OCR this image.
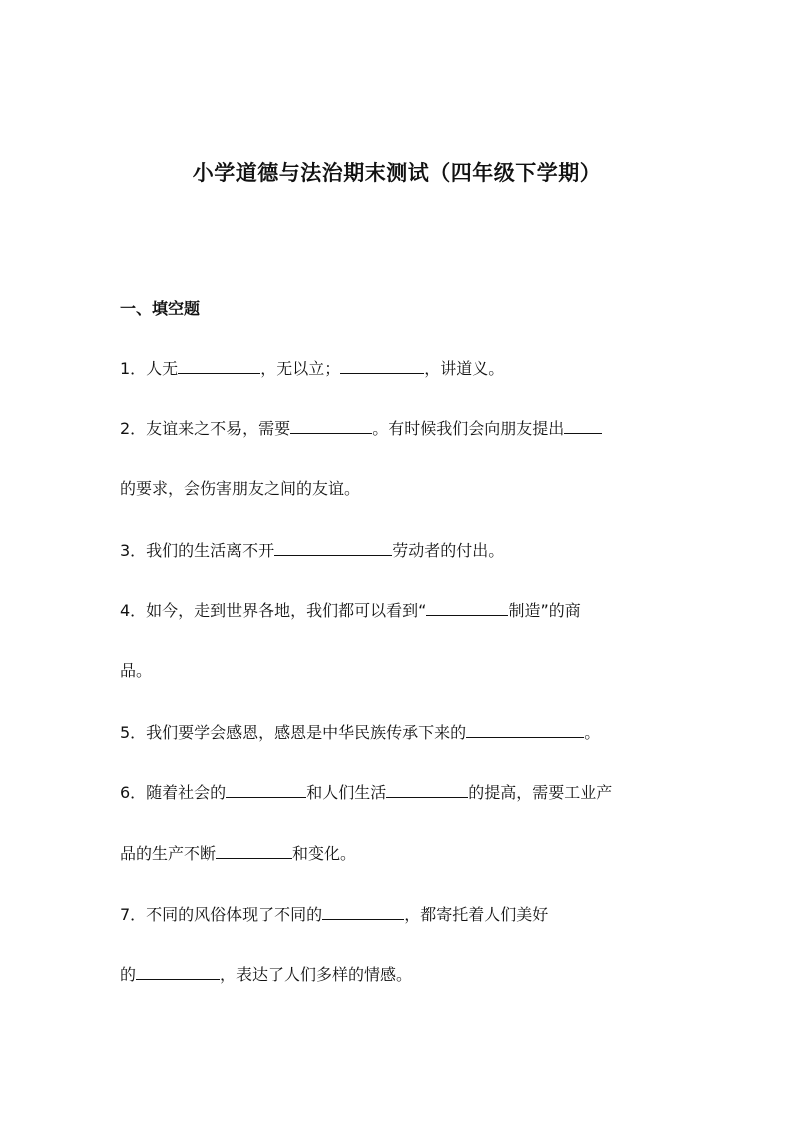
小学道德与法治期末测试（四年级下学期）
一、填空题
1．人无	，无以立；	，讲道义。
2．友谊来之不易，需要	。有时候我们会向朋友提出
的要求，会伤害朋友之间的友谊。
3．我们的生活离不开	劳动者的付出。
4．如今，走到世界各地，我们都可以看到“	制造”的商
品。
5．我们要学会感恩，感恩是中华民族传承下来的	。
6．随着社会的	和人们生活	的提高，需要工业产
品的生产不断	和变化。
7．不同的风俗体现了不同的	，都寄托着人们美好
的	，表达了人们多样的情感。
